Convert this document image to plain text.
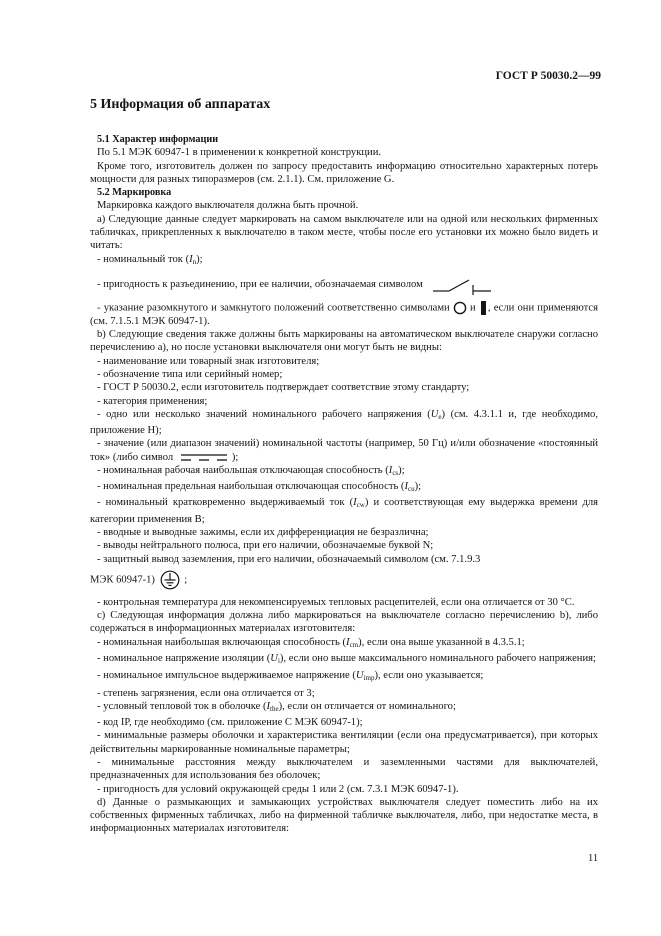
ГОСТ Р 50030.2—99
5 Информация об аппаратах

5.1 Характер информации

По 5.1 МЭК 60947-1 в применении к конкретной конструкции.

Кроме того, изготовитель должен по запросу предоставить информацию относительно характерных потерь мощности для разных типоразмеров (см. 2.1.1). См. приложение G.

5.2 Маркировка

Маркировка каждого выключателя должна быть прочной.

а) Следующие данные следует маркировать на самом выключателе или на одной или нескольких фирменных табличках, прикрепленных к выключателю в таком месте, чтобы после его установки их можно было видеть и читать:

- номинальный ток $(I_n)$;

- пригодность к разъединению, при ее наличии, обозначаемая символом

- указание разомкнутого и замкнутого положений соответственно символами и , если они применяются (см. 7.1.5.1 МЭК 60947-1).

b) Следующие сведения также должны быть маркированы на автоматическом выключателе снаружи согласно перечислению а), но после установки выключателя они могут быть не видны:

- наименование или товарный знак изготовителя;

- обозначение типа или серийный номер;

- ГОСТ Р 50030.2, если изготовитель подтверждает соответствие этому стандарту;

- категория применения;

- одно или несколько значений номинального рабочего напряжения $(U_e)$ (см. 4.3.1.1 и, где необходимо, приложение Н);

- значение (или диапазон значений) номинальной частоты (например, 50 Гц) и/или обозначение «постоянный ток» (либо символ	);

- номинальная рабочая наибольшая отключающая способность $(I_{cs})$;

- номинальная предельная наибольшая отключающая способность $(I_{cu})$;

- номинальный кратковременно выдерживаемый ток $(I_{cw})$ и соответствующая ему выдержка времени для категории применения В;

- вводные и выводные зажимы, если их дифференциация не безразлична;

- выводы нейтрального полюса, при его наличии, обозначаемые буквой N;

- защитный вывод заземления, при его наличии, обозначаемый символом (см. 7.1.9.3

МЭК 60947-1)	;

- контрольная температура для некомпенсируемых тепловых расцепителей, если она отличается от 30 °С.

с) Следующая информация должна либо маркироваться на выключателе согласно перечислению b), либо содержаться в информационных материалах изготовителя:

- номинальная наибольшая включающая способность $(I_{cm})$, если она выше указанной в 4.3.5.1;

- номинальное напряжение изоляции $(U_i)$, если оно выше максимального номинального рабочего напряжения;

- номинальное импульсное выдерживаемое напряжение $(U_{imp})$, если оно указывается;

- степень загрязнения, если она отличается от 3;

- условный тепловой ток в оболочке $(I_{the})$, если он отличается от номинального;

- код IP, где необходимо (см. приложение С МЭК 60947-1);

- минимальные размеры оболочки и характеристика вентиляции (если она предусматривается), при которых действительны маркированные номинальные параметры;

- минимальные расстояния между выключателем и заземленными частями для выключателей, предназначенных для использования без оболочек;

- пригодность для условий окружающей среды 1 или 2 (см. 7.3.1 МЭК 60947-1).

d) Данные о размыкающих и замыкающих устройствах выключателя следует поместить либо на их собственных фирменных табличках, либо на фирменной табличке выключателя, либо, при недостатке места, в информационных материалах изготовителя:

11
